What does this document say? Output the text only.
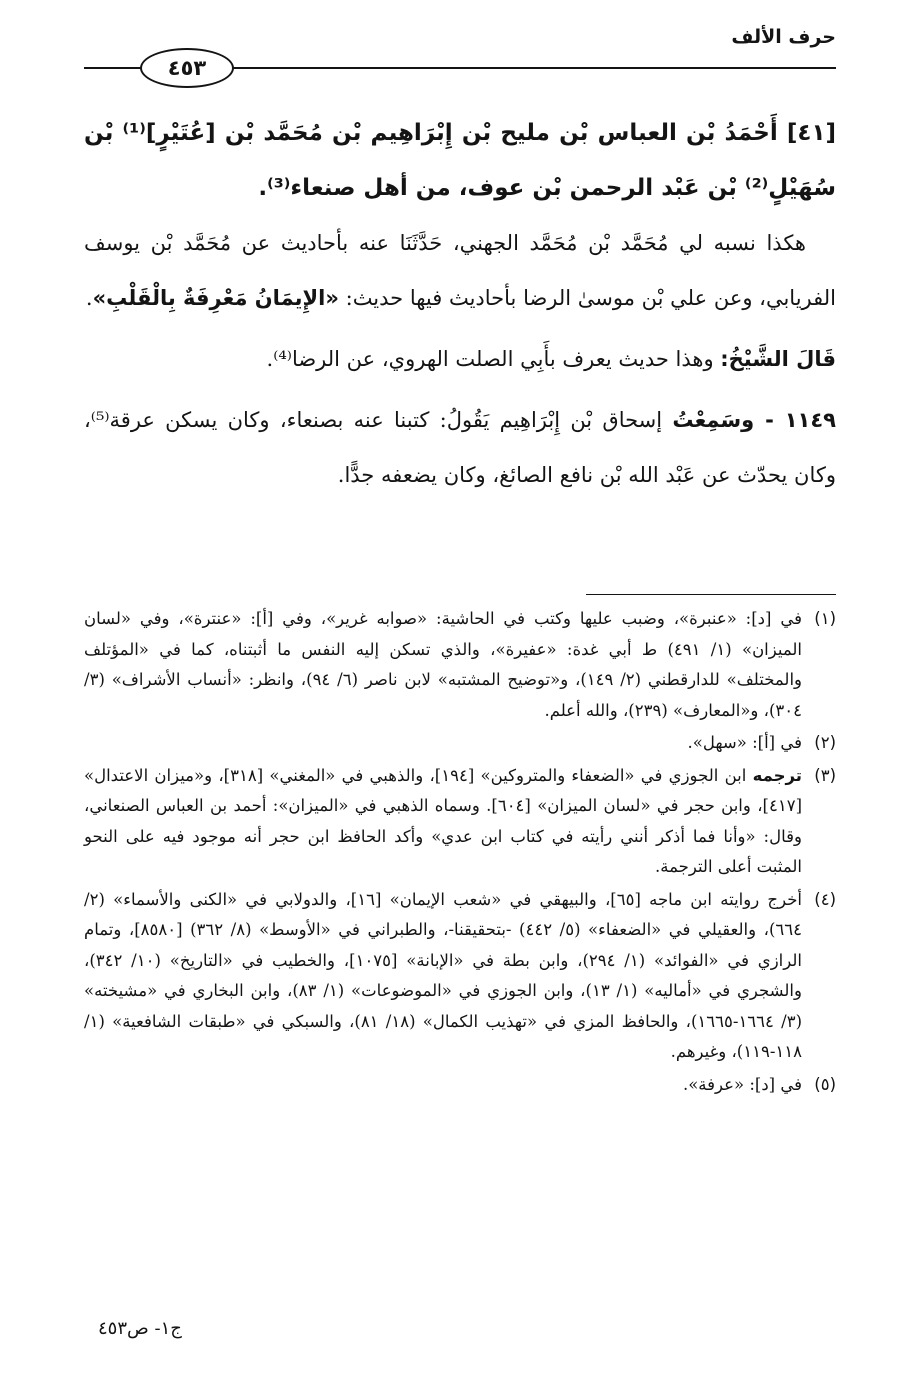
حرف الألف
٤٥٣

[٤١] أَحْمَدُ بْن العباس بْن مليح بْن إِبْرَاهِيم بْن مُحَمَّد بْن [عُتَيْرٍ]⁽¹⁾ بْن سُهَيْلٍ⁽²⁾ بْن عَبْد الرحمن بْن عوف، من أهل صنعاء⁽³⁾.

هكذا نسبه لي مُحَمَّد بْن مُحَمَّد الجهني، حَدَّثَنَا عنه بأحاديث عن مُحَمَّد بْن يوسف الفريابي، وعن علي بْن موسىٰ الرضا بأحاديث فيها حديث: «الإِيمَانُ مَعْرِفَةٌ بِالْقَلْبِ».

قَالَ الشَّيْخُ: وهذا حديث يعرف بأَبِي الصلت الهروي، عن الرضا⁽⁴⁾.

١١٤٩ - وسَمِعْتُ إسحاق بْن إِبْرَاهِيم يَقُولُ: كتبنا عنه بصنعاء، وكان يسكن عرقة⁽⁵⁾، وكان يحدّث عن عَبْد الله بْن نافع الصائغ، وكان يضعفه جدًّا.

(١)
في [د]: «عنبرة»، وضبب عليها وكتب في الحاشية: «صوابه غرير»، وفي [أ]: «عنترة»، وفي «لسان الميزان» (١/ ٤٩١) ط أبي غدة: «عفيرة»، والذي تسكن إليه النفس ما أثبتناه، كما في «المؤتلف والمختلف» للدارقطني (٢/ ١٤٩)، و«توضيح المشتبه» لابن ناصر (٦/ ٩٤)، وانظر: «أنساب الأشراف» (٣/ ٣٠٤)، و«المعارف» (٢٣٩)، والله أعلم.

(٢)
في [أ]: «سهل».

(٣)
ترجمه ابن الجوزي في «الضعفاء والمتروكين» [١٩٤]، والذهبي في «المغني» [٣١٨]، و«ميزان الاعتدال» [٤١٧]، وابن حجر في «لسان الميزان» [٦٠٤]. وسماه الذهبي في «الميزان»: أحمد بن العباس الصنعاني، وقال: «وأنا فما أذكر أنني رأيته في كتاب ابن عدي» وأكد الحافظ ابن حجر أنه موجود فيه على النحو المثبت أعلى الترجمة.

(٤)
أخرج روايته ابن ماجه [٦٥]، والبيهقي في «شعب الإيمان» [١٦]، والدولابي في «الكنى والأسماء» (٢/ ٦٦٤)، والعقيلي في «الضعفاء» (٥/ ٤٤٢) -بتحقيقنا-، والطبراني في «الأوسط» (٨/ ٣٦٢) [٨٥٨٠]، وتمام الرازي في «الفوائد» (١/ ٢٩٤)، وابن بطة في «الإبانة» [١٠٧٥]، والخطيب في «التاريخ» (١٠/ ٣٤٢)، والشجري في «أماليه» (١/ ١٣)، وابن الجوزي في «الموضوعات» (١/ ٨٣)، وابن البخاري في «مشيخته» (٣/ ١٦٦٤-١٦٦٥)، والحافظ المزي في «تهذيب الكمال» (١٨/ ٨١)، والسبكي في «طبقات الشافعية» (١/ ١١٨-١١٩)، وغيرهم.

(٥)
في [د]: «عرفة».

ج١- ص٤٥٣
